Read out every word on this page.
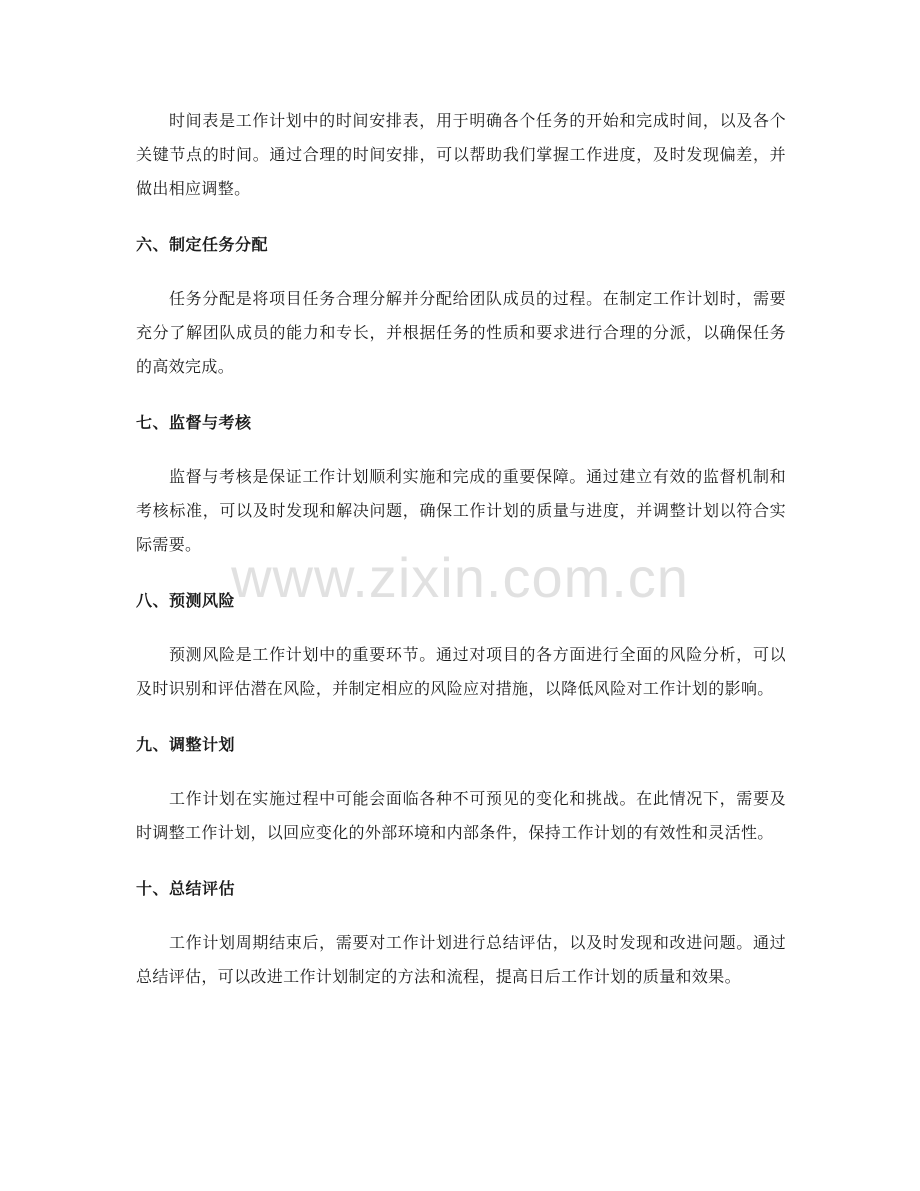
时间表是工作计划中的时间安排表，用于明确各个任务的开始和完成时间，以及各个关键节点的时间。通过合理的时间安排，可以帮助我们掌握工作进度，及时发现偏差，并做出相应调整。

六、制定任务分配

任务分配是将项目任务合理分解并分配给团队成员的过程。在制定工作计划时，需要充分了解团队成员的能力和专长，并根据任务的性质和要求进行合理的分派，以确保任务的高效完成。

七、监督与考核

监督与考核是保证工作计划顺利实施和完成的重要保障。通过建立有效的监督机制和考核标准，可以及时发现和解决问题，确保工作计划的质量与进度，并调整计划以符合实际需要。

八、预测风险

预测风险是工作计划中的重要环节。通过对项目的各方面进行全面的风险分析，可以及时识别和评估潜在风险，并制定相应的风险应对措施，以降低风险对工作计划的影响。

九、调整计划

工作计划在实施过程中可能会面临各种不可预见的变化和挑战。在此情况下，需要及时调整工作计划，以回应变化的外部环境和内部条件，保持工作计划的有效性和灵活性。

十、总结评估

工作计划周期结束后，需要对工作计划进行总结评估，以及时发现和改进问题。通过总结评估，可以改进工作计划制定的方法和流程，提高日后工作计划的质量和效果。

www.zixin.com.cn
